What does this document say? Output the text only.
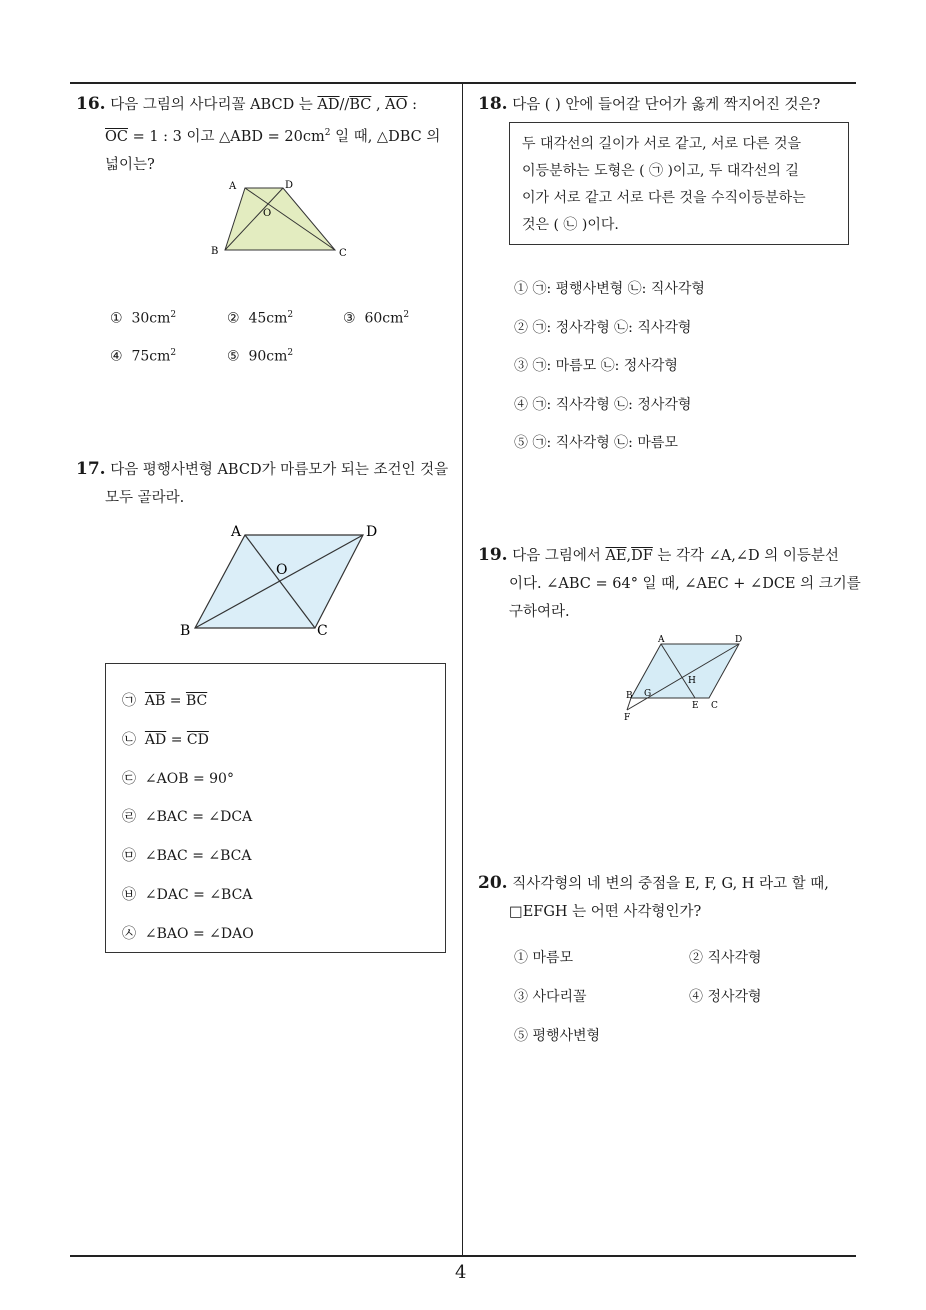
4
16. 다음 그림의 사다리꼴 ABCD 는 $\overline{AD}//\overline{BC}$ , $\overline{AO}$ :
$\overline{OC} = 1$ : 3 이고 △ABD = $20cm^2$ 일 때, △DBC 의
넓이는?
A	D
O
B	C
① $30cm^2$	② $45cm^2$	③ $60cm^2$
④ $75cm^2$	⑤ $90cm^2$
17. 다음 평행사변형 ABCD가 마름모가 되는 조건인 것을
모두 골라라.
A	D
O
B	C
㉠ $\overline{AB} = \overline{BC}$
㉡ $\overline{AD} = \overline{CD}$
㉢ ∠AOB = 90°
㉣ ∠BAC = ∠DCA
㉤ ∠BAC = ∠BCA
㉥ ∠DAC = ∠BCA
㉦ ∠BAO = ∠DAO
18. 다음 ( ) 안에 들어갈 단어가 옳게 짝지어진 것은?
두 대각선의 길이가 서로 같고, 서로 다른 것을
이등분하는 도형은 ( ㉠ )이고, 두 대각선의 길
이가 서로 같고 서로 다른 것을 수직이등분하는
것은 ( ㉡ )이다.
① ㉠: 평행사변형 ㉡: 직사각형
② ㉠: 정사각형 ㉡: 직사각형
③ ㉠: 마름모 ㉡: 정사각형
④ ㉠: 직사각형 ㉡: 정사각형
⑤ ㉠: 직사각형 ㉡: 마름모
19. 다음 그림에서 $\overline{AE},\overline{DF}$ 는 각각 ∠A,∠D 의 이등분선
이다. ∠ABC = 64° 일 때, ∠AEC + ∠DCE 의 크기를
구하여라.
A	D
H
B G
E C
F
20. 직사각형의 네 변의 중점을 E, F, G, H 라고 할 때,
□EFGH 는 어떤 사각형인가?
① 마름모	② 직사각형
③ 사다리꼴	④ 정사각형
⑤ 평행사변형
